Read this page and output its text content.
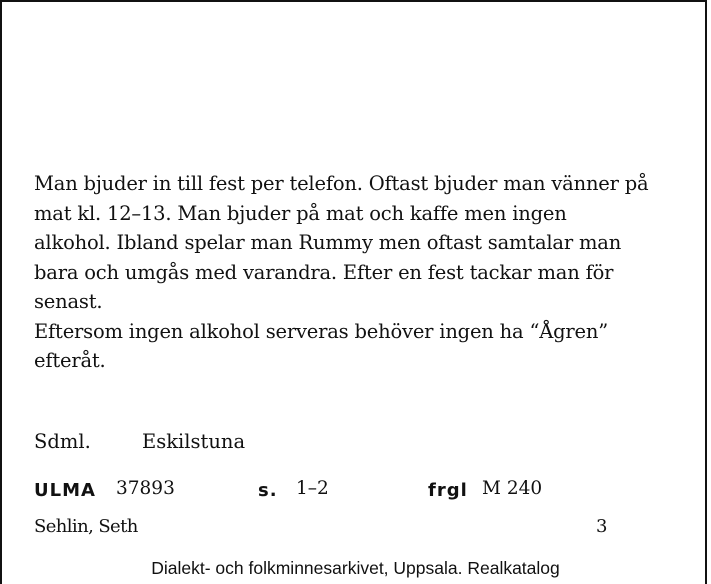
Man bjuder in till fest per telefon. Oftast bjuder man vänner på
mat kl. 12–13. Man bjuder på mat och kaffe men ingen
alkohol. Ibland spelar man Rummy men oftast samtalar man
bara och umgås med varandra. Efter en fest tackar man för
senast.
Eftersom ingen alkohol serveras behöver ingen ha “Ågren”
efteråt.
Sdml.	Eskilstuna
ULMA 37893	s. 1–2	frgl M 240
Sehlin, Seth	3
Dialekt- och folkminnesarkivet, Uppsala. Realkatalog
